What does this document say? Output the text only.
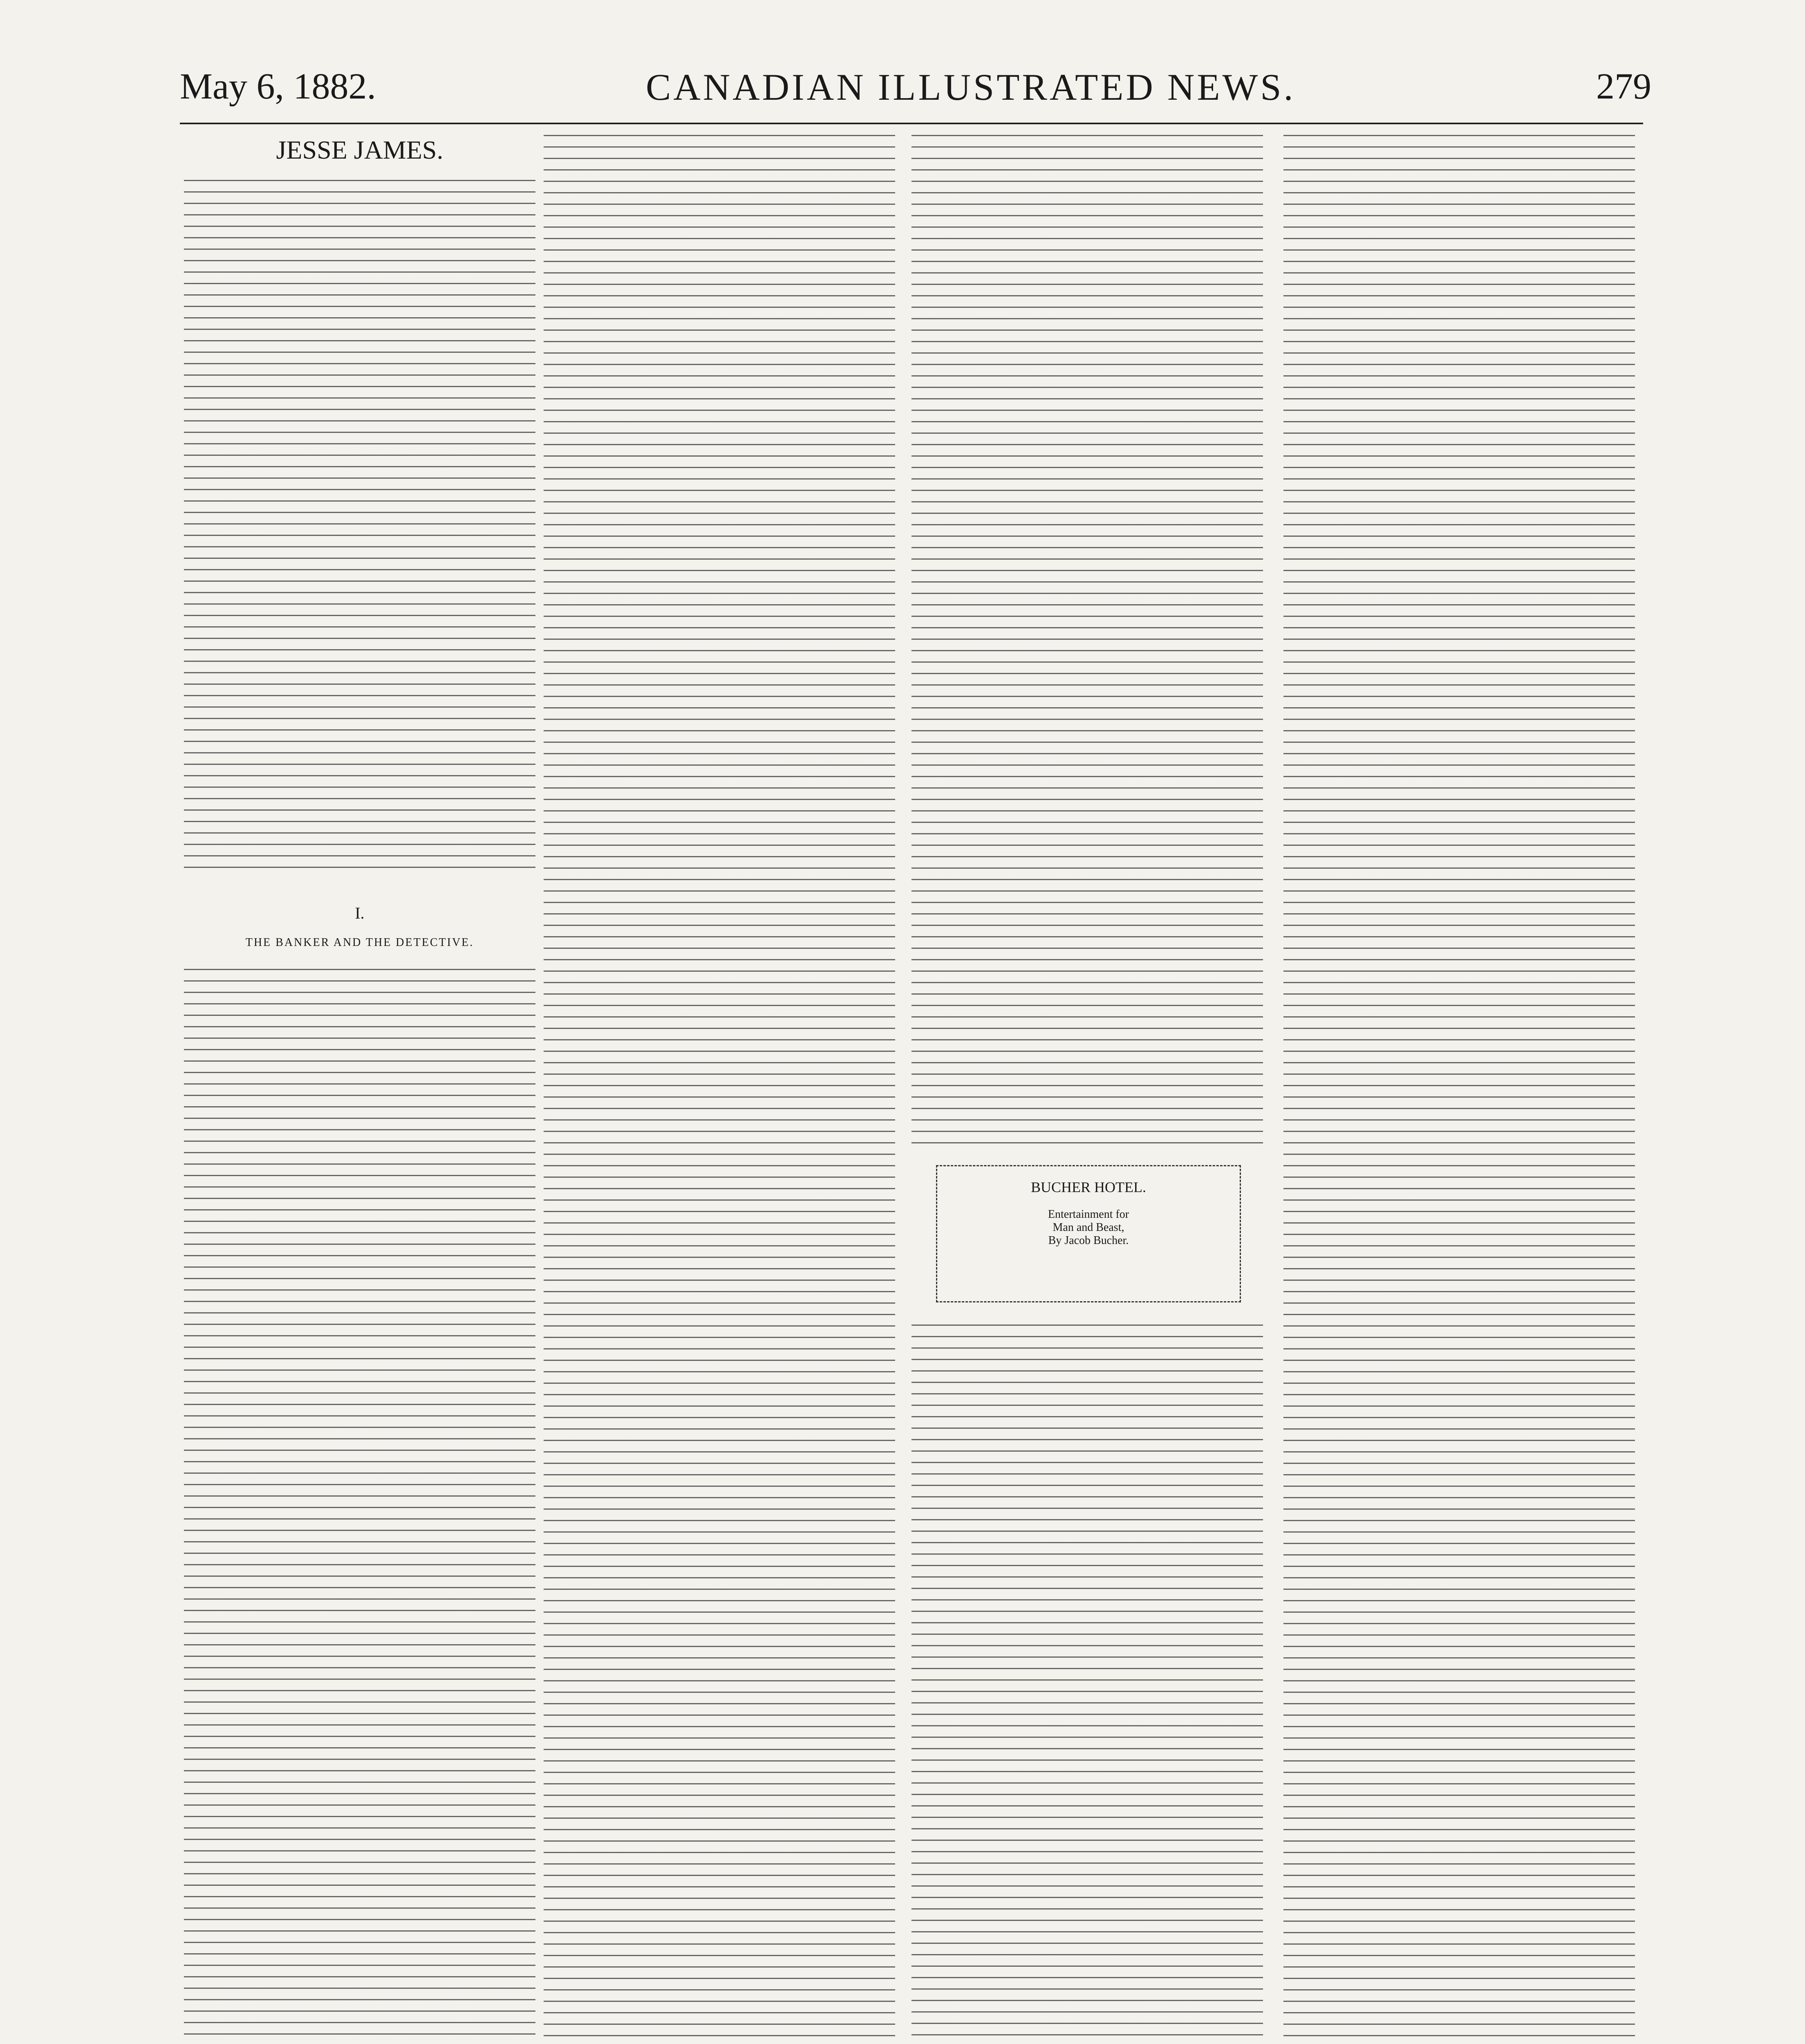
May 6, 1882.	CANADIAN ILLUSTRATED NEWS.	279
JESSE JAMES.
I.
THE BANKER AND THE DETECTIVE.
BUCHER HOTEL.
Entertainment for
Man and Beast,
By Jacob Bucher.
